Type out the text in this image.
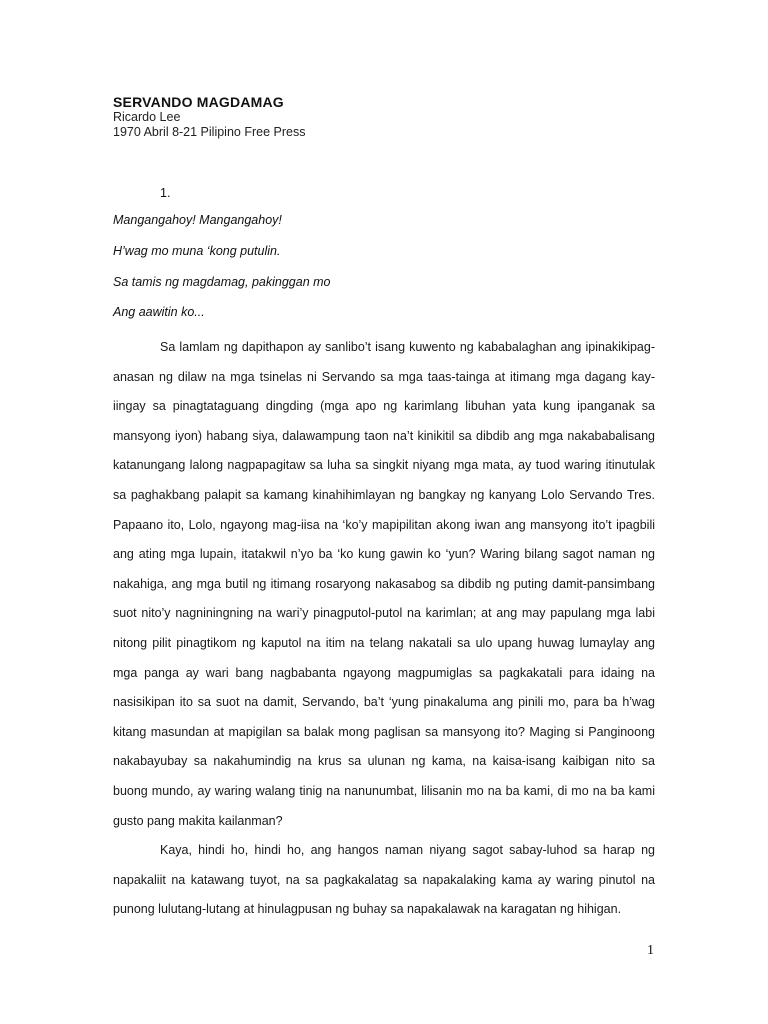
SERVANDO MAGDAMAG
Ricardo Lee
1970 Abril 8-21 Pilipino Free Press
1.
Mangangahoy! Mangangahoy!
H’wag mo muna ‘kong putulin.
Sa tamis ng magdamag, pakinggan mo
Ang aawitin ko...

Sa lamlam ng dapithapon ay sanlibo’t isang kuwento ng kababalaghan ang ipinakikipag-anasan ng dilaw na mga tsinelas ni Servando sa mga taas-tainga at itimang mga dagang kay-iingay sa pinagtataguang dingding (mga apo ng karimlang libuhan yata kung ipanganak sa mansyong iyon) habang siya, dalawampung taon na’t kinikitil sa dibdib ang mga nakababalisang katanungang lalong nagpapagitaw sa luha sa singkit niyang mga mata, ay tuod waring itinutulak sa paghakbang palapit sa kamang kinahihimlayan ng bangkay ng kanyang Lolo Servando Tres. Papaano ito, Lolo, ngayong mag-iisa na ‘ko’y mapipilitan akong iwan ang mansyong ito’t ipagbili ang ating mga lupain, itatakwil n’yo ba ‘ko kung gawin ko ‘yun? Waring bilang sagot naman ng nakahiga, ang mga butil ng itimang rosaryong nakasabog sa dibdib ng puting damit-pansimbang suot nito’y nagniningning na wari’y pinagputol-putol na karimlan; at ang may papulang mga labi nitong pilit pinagtikom ng kaputol na itim na telang nakatali sa ulo upang huwag lumaylay ang mga panga ay wari bang nagbabanta ngayong magpumiglas sa pagkakatali para idaing na nasisikipan ito sa suot na damit, Servando, ba’t ‘yung pinakaluma ang pinili mo, para ba h’wag kitang masundan at mapigilan sa balak mong paglisan sa mansyong ito? Maging si Panginoong nakabayubay sa nakahumindig na krus sa ulunan ng kama, na kaisa-isang kaibigan nito sa buong mundo, ay waring walang tinig na nanunumbat, lilisanin mo na ba kami, di mo na ba kami gusto pang makita kailanman?

Kaya, hindi ho, hindi ho, ang hangos naman niyang sagot sabay-luhod sa harap ng napakaliit na katawang tuyot, na sa pagkakalatag sa napakalaking kama ay waring pinutol na punong lulutang-lutang at hinulagpusan ng buhay sa napakalawak na karagatan ng hihigan.

1
